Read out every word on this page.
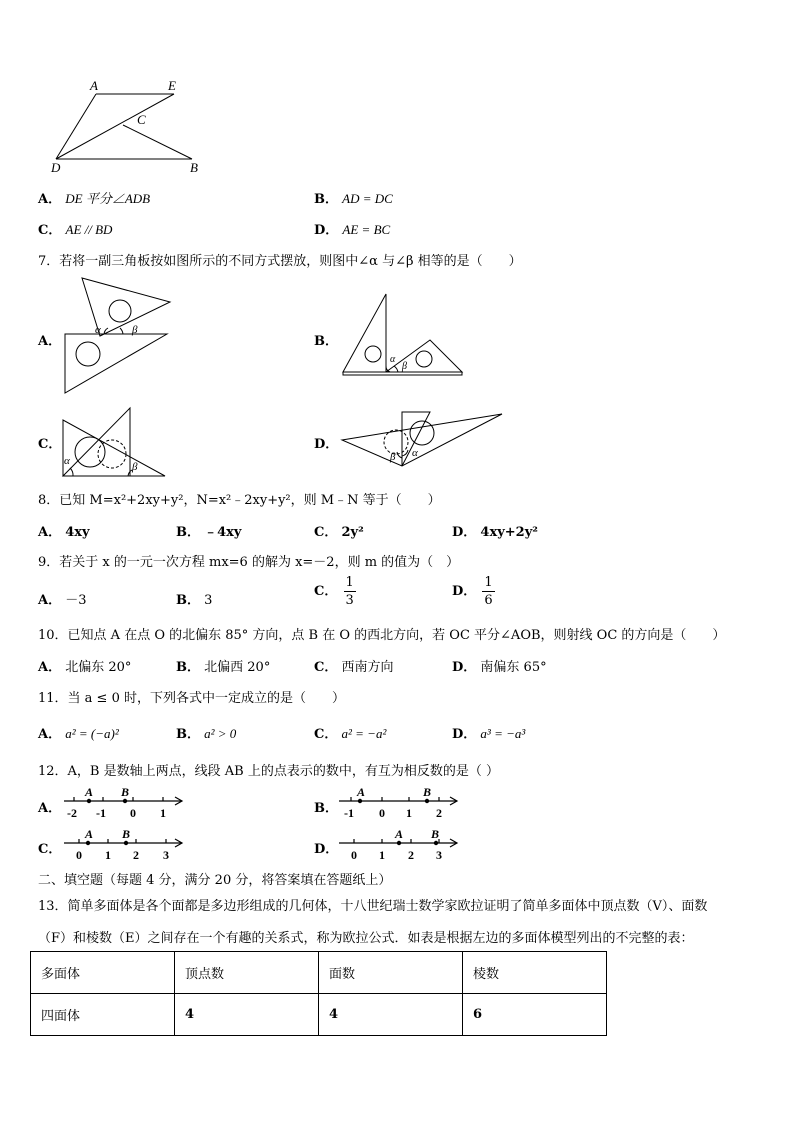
A	E
C
D	B
A． DE 平分∠ADB	B． AD = DC
C． AE // BD	D． AE = BC
7．若将一副三角板按如图所示的不同方式摆放，则图中∠α 与∠β 相等的是（　　）
A．
α	β
B．
α
β
C．
α	β
D．
β α
8．已知 M=x²+2xy+y²，N=x²﹣2xy+y²，则 M﹣N 等于（　　）
A． 4xy	B． ﹣4xy	C． 2y²	D． 4xy+2y²
9．若关于 x 的一元一次方程 mx=6 的解为 x=－2，则 m 的值为（　）
A． －3	B． 3
C． $\frac{1}{3}$	D． $\frac{1}{6}$
10．已知点 A 在点 O 的北偏东 85° 方向，点 B 在 O 的西北方向，若 OC 平分∠AOB，则射线 OC 的方向是（　　）
A． 北偏东 20°	B． 北偏西 20°	C． 西南方向	D． 南偏东 65°
11．当 a ≤ 0 时，下列各式中一定成立的是（　　）
A． a² = (−a)²	B． a² > 0	C． a² = −a²	D． a³ = −a³
12．A，B 是数轴上两点，线段 AB 上的点表示的数中，有互为相反数的是（ ）
A．
A B
-2 -1 0 1	B．
A	B
-1 0 1 2
C．
A B
0 1 2 3	D．
A B
0 1 2 3
二、填空题（每题 4 分，满分 20 分，将答案填在答题纸上）
13．简单多面体是各个面都是多边形组成的几何体，十八世纪瑞士数学家欧拉证明了简单多面体中顶点数（V）、面数
（F）和棱数（E）之间存在一个有趣的关系式，称为欧拉公式．如表是根据左边的多面体模型列出的不完整的表：
多面体	顶点数	面数	棱数
四面体	4	4	6
